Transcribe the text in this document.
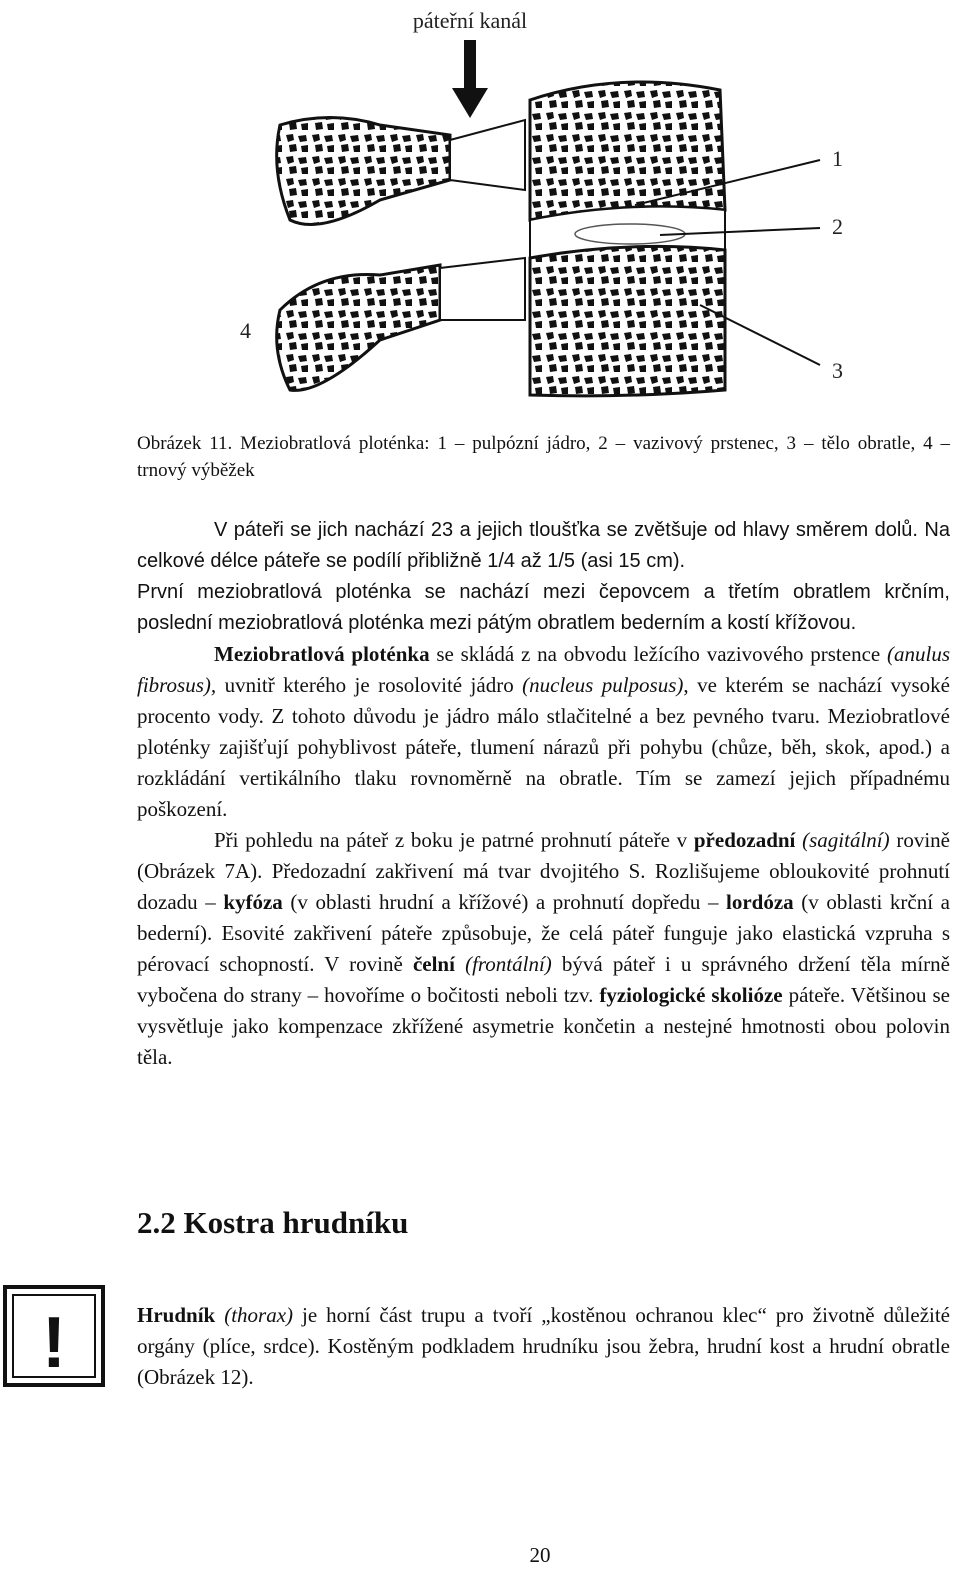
páteřní kanál
1
2
3
4
Obrázek 11. Meziobratlová ploténka: 1 – pulpózní jádro, 2 – vazivový prstenec, 3 – tělo obratle, 4 – trnový výběžek

V páteři se jich nachází 23 a jejich tloušťka se zvětšuje od hlavy směrem dolů. Na celkové délce páteře se podílí přibližně 1/4 až 1/5 (asi 15 cm).

První meziobratlová ploténka se nachází mezi čepovcem a třetím obratlem krčním, poslední meziobratlová ploténka mezi pátým obratlem bederním a kostí křížovou.

Meziobratlová ploténka se skládá z na obvodu ležícího vazivového prstence (anulus fibrosus), uvnitř kterého je rosolovité jádro (nucleus pulposus), ve kterém se nachází vysoké procento vody. Z tohoto důvodu je jádro málo stlačitelné a bez pevného tvaru. Meziobratlové ploténky zajišťují pohyblivost páteře, tlumení nárazů při pohybu (chůze, běh, skok, apod.) a rozkládání vertikálního tlaku rovnoměrně na obratle. Tím se zamezí jejich případnému poškození.

Při pohledu na páteř z boku je patrné prohnutí páteře v předozadní (sagitální) rovině (Obrázek 7A). Předozadní zakřivení má tvar dvojitého S. Rozlišujeme obloukovité prohnutí dozadu – kyfóza (v oblasti hrudní a křížové) a prohnutí dopředu – lordóza (v oblasti krční a bederní). Esovité zakřivení páteře způsobuje, že celá páteř funguje jako elastická vzpruha s pérovací schopností. V rovině čelní (frontální) bývá páteř i u správného držení těla mírně vybočena do strany – hovoříme o bočitosti neboli tzv. fyziologické skolióze páteře. Většinou se vysvětluje jako kompenzace zkřížené asymetrie končetin a nestejné hmotnosti obou polovin těla.

2.2 Kostra hrudníku
!	Hrudník (thorax) je horní část trupu a tvoří „kostěnou ochranou klec“ pro životně důležité orgány (plíce, srdce). Kostěným podkladem hrudníku jsou žebra, hrudní kost a hrudní obratle (Obrázek 12).

20
